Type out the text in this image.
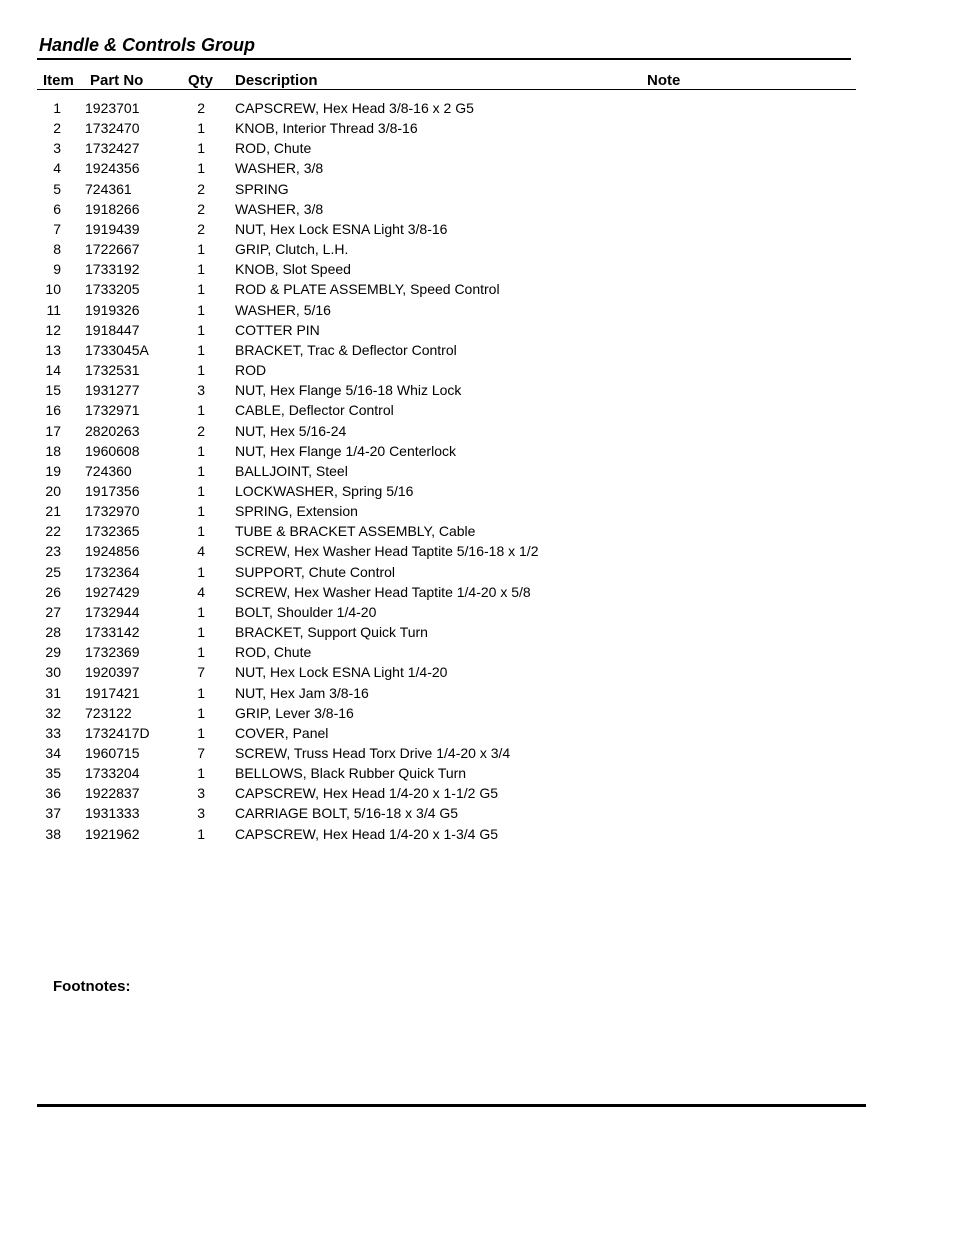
Handle & Controls Group
Item Part No	Qty Description	Note
1 1923701	2 CAPSCREW, Hex Head 3/8-16 x 2 G5
2 1732470	1 KNOB, Interior Thread 3/8-16
3 1732427	1 ROD, Chute
4 1924356	1 WASHER, 3/8
5 724361	2 SPRING
6 1918266	2 WASHER, 3/8
7 1919439	2 NUT, Hex Lock ESNA Light 3/8-16
8 1722667	1 GRIP, Clutch, L.H.
9 1733192	1 KNOB, Slot Speed
10 1733205	1 ROD & PLATE ASSEMBLY, Speed Control
11 1919326	1 WASHER, 5/16
12 1918447	1 COTTER PIN
13 1733045A	1 BRACKET, Trac & Deflector Control
14 1732531	1 ROD
15 1931277	3 NUT, Hex Flange 5/16-18 Whiz Lock
16 1732971	1 CABLE, Deflector Control
17 2820263	2 NUT, Hex 5/16-24
18 1960608	1 NUT, Hex Flange 1/4-20 Centerlock
19 724360	1 BALLJOINT, Steel
20 1917356	1 LOCKWASHER, Spring 5/16
21 1732970	1 SPRING, Extension
22 1732365	1 TUBE & BRACKET ASSEMBLY, Cable
23 1924856	4 SCREW, Hex Washer Head Taptite 5/16-18 x 1/2
25 1732364	1 SUPPORT, Chute Control
26 1927429	4 SCREW, Hex Washer Head Taptite 1/4-20 x 5/8
27 1732944	1 BOLT, Shoulder 1/4-20
28 1733142	1 BRACKET, Support Quick Turn
29 1732369	1 ROD, Chute
30 1920397	7 NUT, Hex Lock ESNA Light 1/4-20
31 1917421	1 NUT, Hex Jam 3/8-16
32 723122	1 GRIP, Lever 3/8-16
33 1732417D	1 COVER, Panel
34 1960715	7 SCREW, Truss Head Torx Drive 1/4-20 x 3/4
35 1733204	1 BELLOWS, Black Rubber Quick Turn
36 1922837	3 CAPSCREW, Hex Head 1/4-20 x 1-1/2 G5
37 1931333	3 CARRIAGE BOLT, 5/16-18 x 3/4 G5
38 1921962	1 CAPSCREW, Hex Head 1/4-20 x 1-3/4 G5
Footnotes:
